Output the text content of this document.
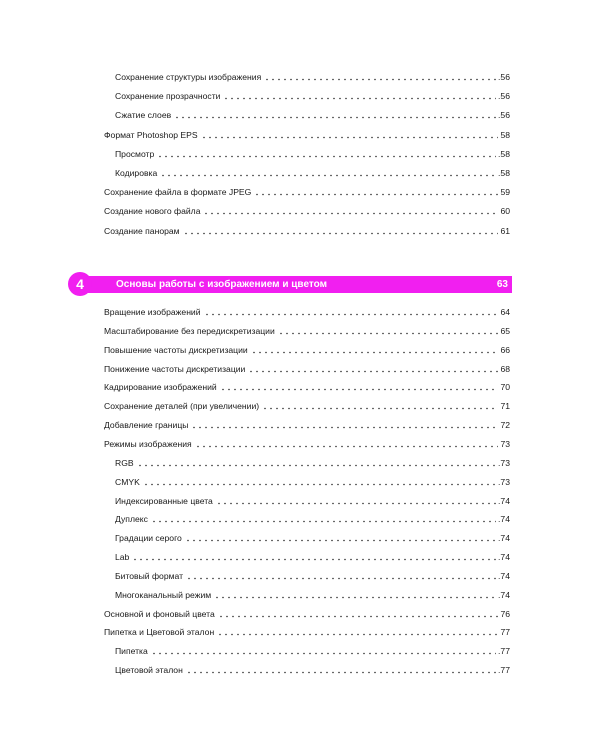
Сохранение структуры изображения	.56
Сохранение прозрачности	.56
Сжатие слоев	.56
Формат Photoshop EPS	58
Просмотр	.58
Кодировка	.58
Сохранение файла в формате JPEG	59
Создание нового файла	60
Создание панорам	61
4	Основы работы с изображением и цветом	63
Вращение изображений	64
Масштабирование без передискретизации	65
Повышение частоты дискретизации	66
Понижение частоты дискретизации	68
Кадрирование изображений	70
Сохранение деталей (при увеличении)	71
Добавление границы	72
Режимы изображения	73
RGB	.73
CMYK	.73
Индексированные цвета	.74
Дуплекс	.74
Градации серого	.74
Lab	.74
Битовый формат	.74
Многоканальный режим	.74
Основной и фоновый цвета	76
Пипетка и Цветовой эталон	77
Пипетка	.77
Цветовой эталон	.77
